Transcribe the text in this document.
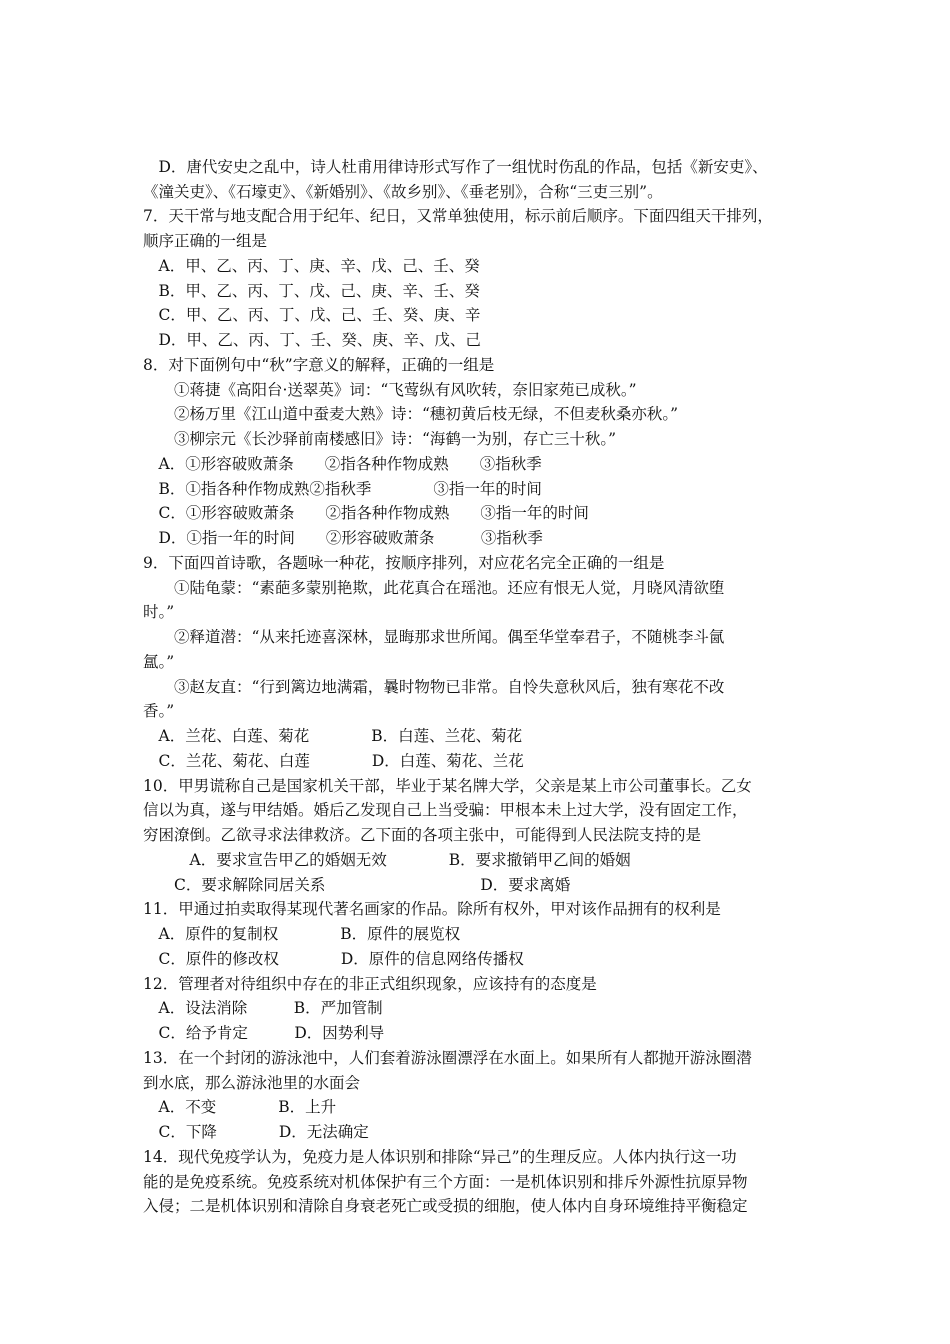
　D．唐代安史之乱中，诗人杜甫用律诗形式写作了一组忧时伤乱的作品，包括《新安吏》、
《潼关吏》、《石壕吏》、《新婚别》、《故乡别》、《垂老别》，合称“三吏三别”。
7．天干常与地支配合用于纪年、纪日，又常单独使用，标示前后顺序。下面四组天干排列，
顺序正确的一组是
　A．甲、乙、丙、丁、庚、辛、戊、己、壬、癸
　B．甲、乙、丙、丁、戊、己、庚、辛、壬、癸
　C．甲、乙、丙、丁、戊、己、壬、癸、庚、辛
　D．甲、乙、丙、丁、壬、癸、庚、辛、戊、己
8．对下面例句中“秋”字意义的解释，正确的一组是
　　①蒋捷《高阳台·送翠英》词：“飞莺纵有风吹转，奈旧家苑已成秋。”
　　②杨万里《江山道中蚕麦大熟》诗：“穗初黄后枝无绿，不但麦秋桑亦秋。”
　　③柳宗元《长沙驿前南楼感旧》诗：“海鹤一为别，存亡三十秋。”
　A．①形容破败萧条　　②指各种作物成熟　　③指秋季
　B．①指各种作物成熟②指秋季　　　　③指一年的时间
　C．①形容破败萧条　　②指各种作物成熟　　③指一年的时间
　D．①指一年的时间　　②形容破败萧条　　　③指秋季
9．下面四首诗歌，各题咏一种花，按顺序排列，对应花名完全正确的一组是
　　①陆龟蒙：“素葩多蒙别艳欺，此花真合在瑶池。还应有恨无人觉，月晓风清欲堕
时。”
　　②释道潜：“从来托迹喜深林，显晦那求世所闻。偶至华堂奉君子，不随桃李斗氤
氲。”
　　③赵友直：“行到篱边地满霜，曩时物物已非常。自怜失意秋风后，独有寒花不改
香。”
　A．兰花、白莲、菊花　　　　B．白莲、兰花、菊花
　C．兰花、菊花、白莲　　　　D．白莲、菊花、兰花
10．甲男谎称自己是国家机关干部，毕业于某名牌大学，父亲是某上市公司董事长。乙女
信以为真，遂与甲结婚。婚后乙发现自己上当受骗：甲根本未上过大学，没有固定工作，
穷困潦倒。乙欲寻求法律救济。乙下面的各项主张中，可能得到人民法院支持的是
　　　A．要求宣告甲乙的婚姻无效　　　　B．要求撤销甲乙间的婚姻
　　C．要求解除同居关系　　　　　　　　　　D．要求离婚
11．甲通过拍卖取得某现代著名画家的作品。除所有权外，甲对该作品拥有的权利是
　A．原件的复制权　　　　B．原件的展览权
　C．原件的修改权　　　　D．原件的信息网络传播权
12．管理者对待组织中存在的非正式组织现象，应该持有的态度是
　A．设法消除　　　B．严加管制
　C．给予肯定　　　D．因势利导
13．在一个封闭的游泳池中，人们套着游泳圈漂浮在水面上。如果所有人都抛开游泳圈潜
到水底，那么游泳池里的水面会
　A．不变　　　　B．上升
　C．下降　　　　D．无法确定
14．现代免疫学认为，免疫力是人体识别和排除“异己”的生理反应。人体内执行这一功
能的是免疫系统。免疫系统对机体保护有三个方面：一是机体识别和排斥外源性抗原异物
入侵；二是机体识别和清除自身衰老死亡或受损的细胞，使人体内自身环境维持平衡稳定
